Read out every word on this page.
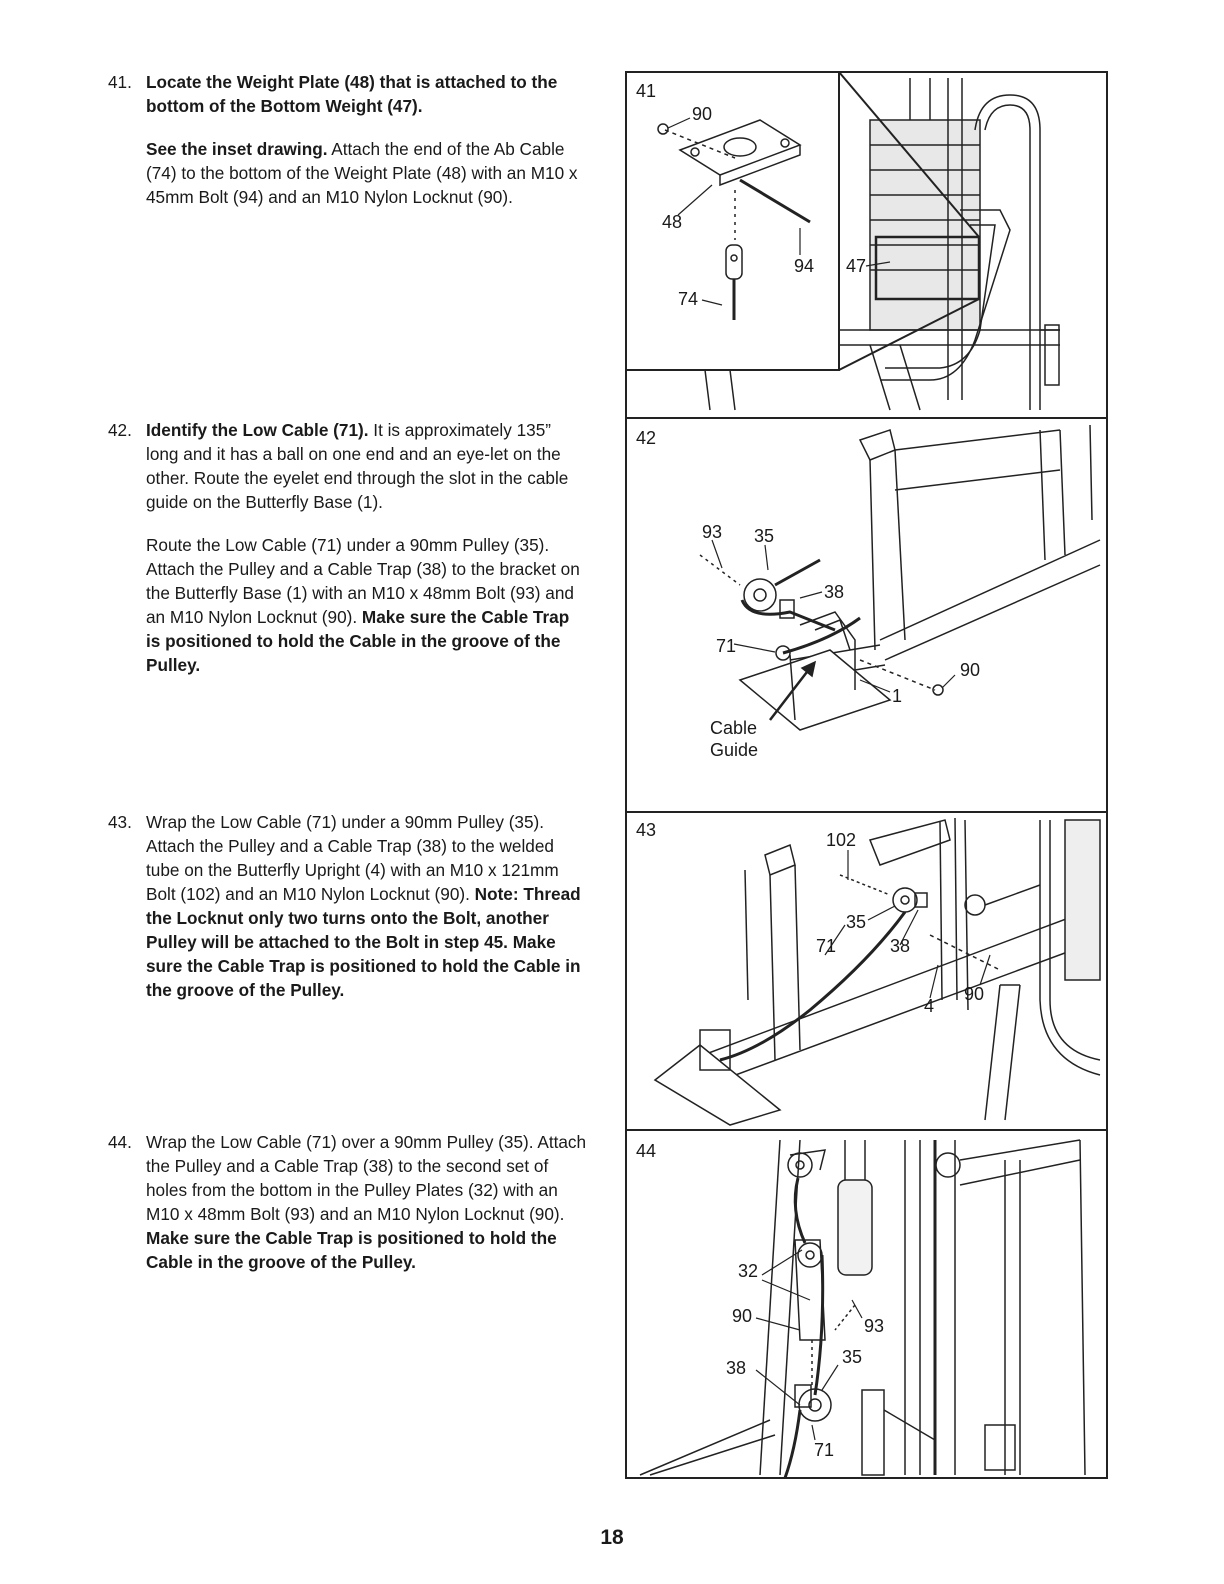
41. Locate the Weight Plate (48) that is attached to the bottom of the Bottom Weight (47).

See the inset drawing. Attach the end of the Ab Cable (74) to the bottom of the Weight Plate (48) with an M10 x 45mm Bolt (94) and an M10 Nylon Locknut (90).

42. Identify the Low Cable (71). It is approximately 135” long and it has a ball on one end and an eye-let on the other. Route the eyelet end through the slot in the cable guide on the Butterfly Base (1).

Route the Low Cable (71) under a 90mm Pulley (35). Attach the Pulley and a Cable Trap (38) to the bracket on the Butterfly Base (1) with an M10 x 48mm Bolt (93) and an M10 Nylon Locknut (90). Make sure the Cable Trap is positioned to hold the Cable in the groove of the Pulley.

43. Wrap the Low Cable (71) under a 90mm Pulley (35). Attach the Pulley and a Cable Trap (38) to the welded tube on the Butterfly Upright (4) with an M10 x 121mm Bolt (102) and an M10 Nylon Locknut (90). Note: Thread the Locknut only two turns onto the Bolt, another Pulley will be attached to the Bolt in step 45. Make sure the Cable Trap is positioned to hold the Cable in the groove of the Pulley.

44. Wrap the Low Cable (71) over a 90mm Pulley (35). Attach the Pulley and a Cable Trap (38) to the second set of holes from the bottom in the Pulley Plates (32) with an M10 x 48mm Bolt (93) and an M10 Nylon Locknut (90). Make sure the Cable Trap is positioned to hold the Cable in the groove of the Pulley.

41
90
48
94
74
47
42
93 35
38
71
90
1
Cable
Guide
43	102
35
71	38
90
4
44
32
90	93
35
38
71
18
